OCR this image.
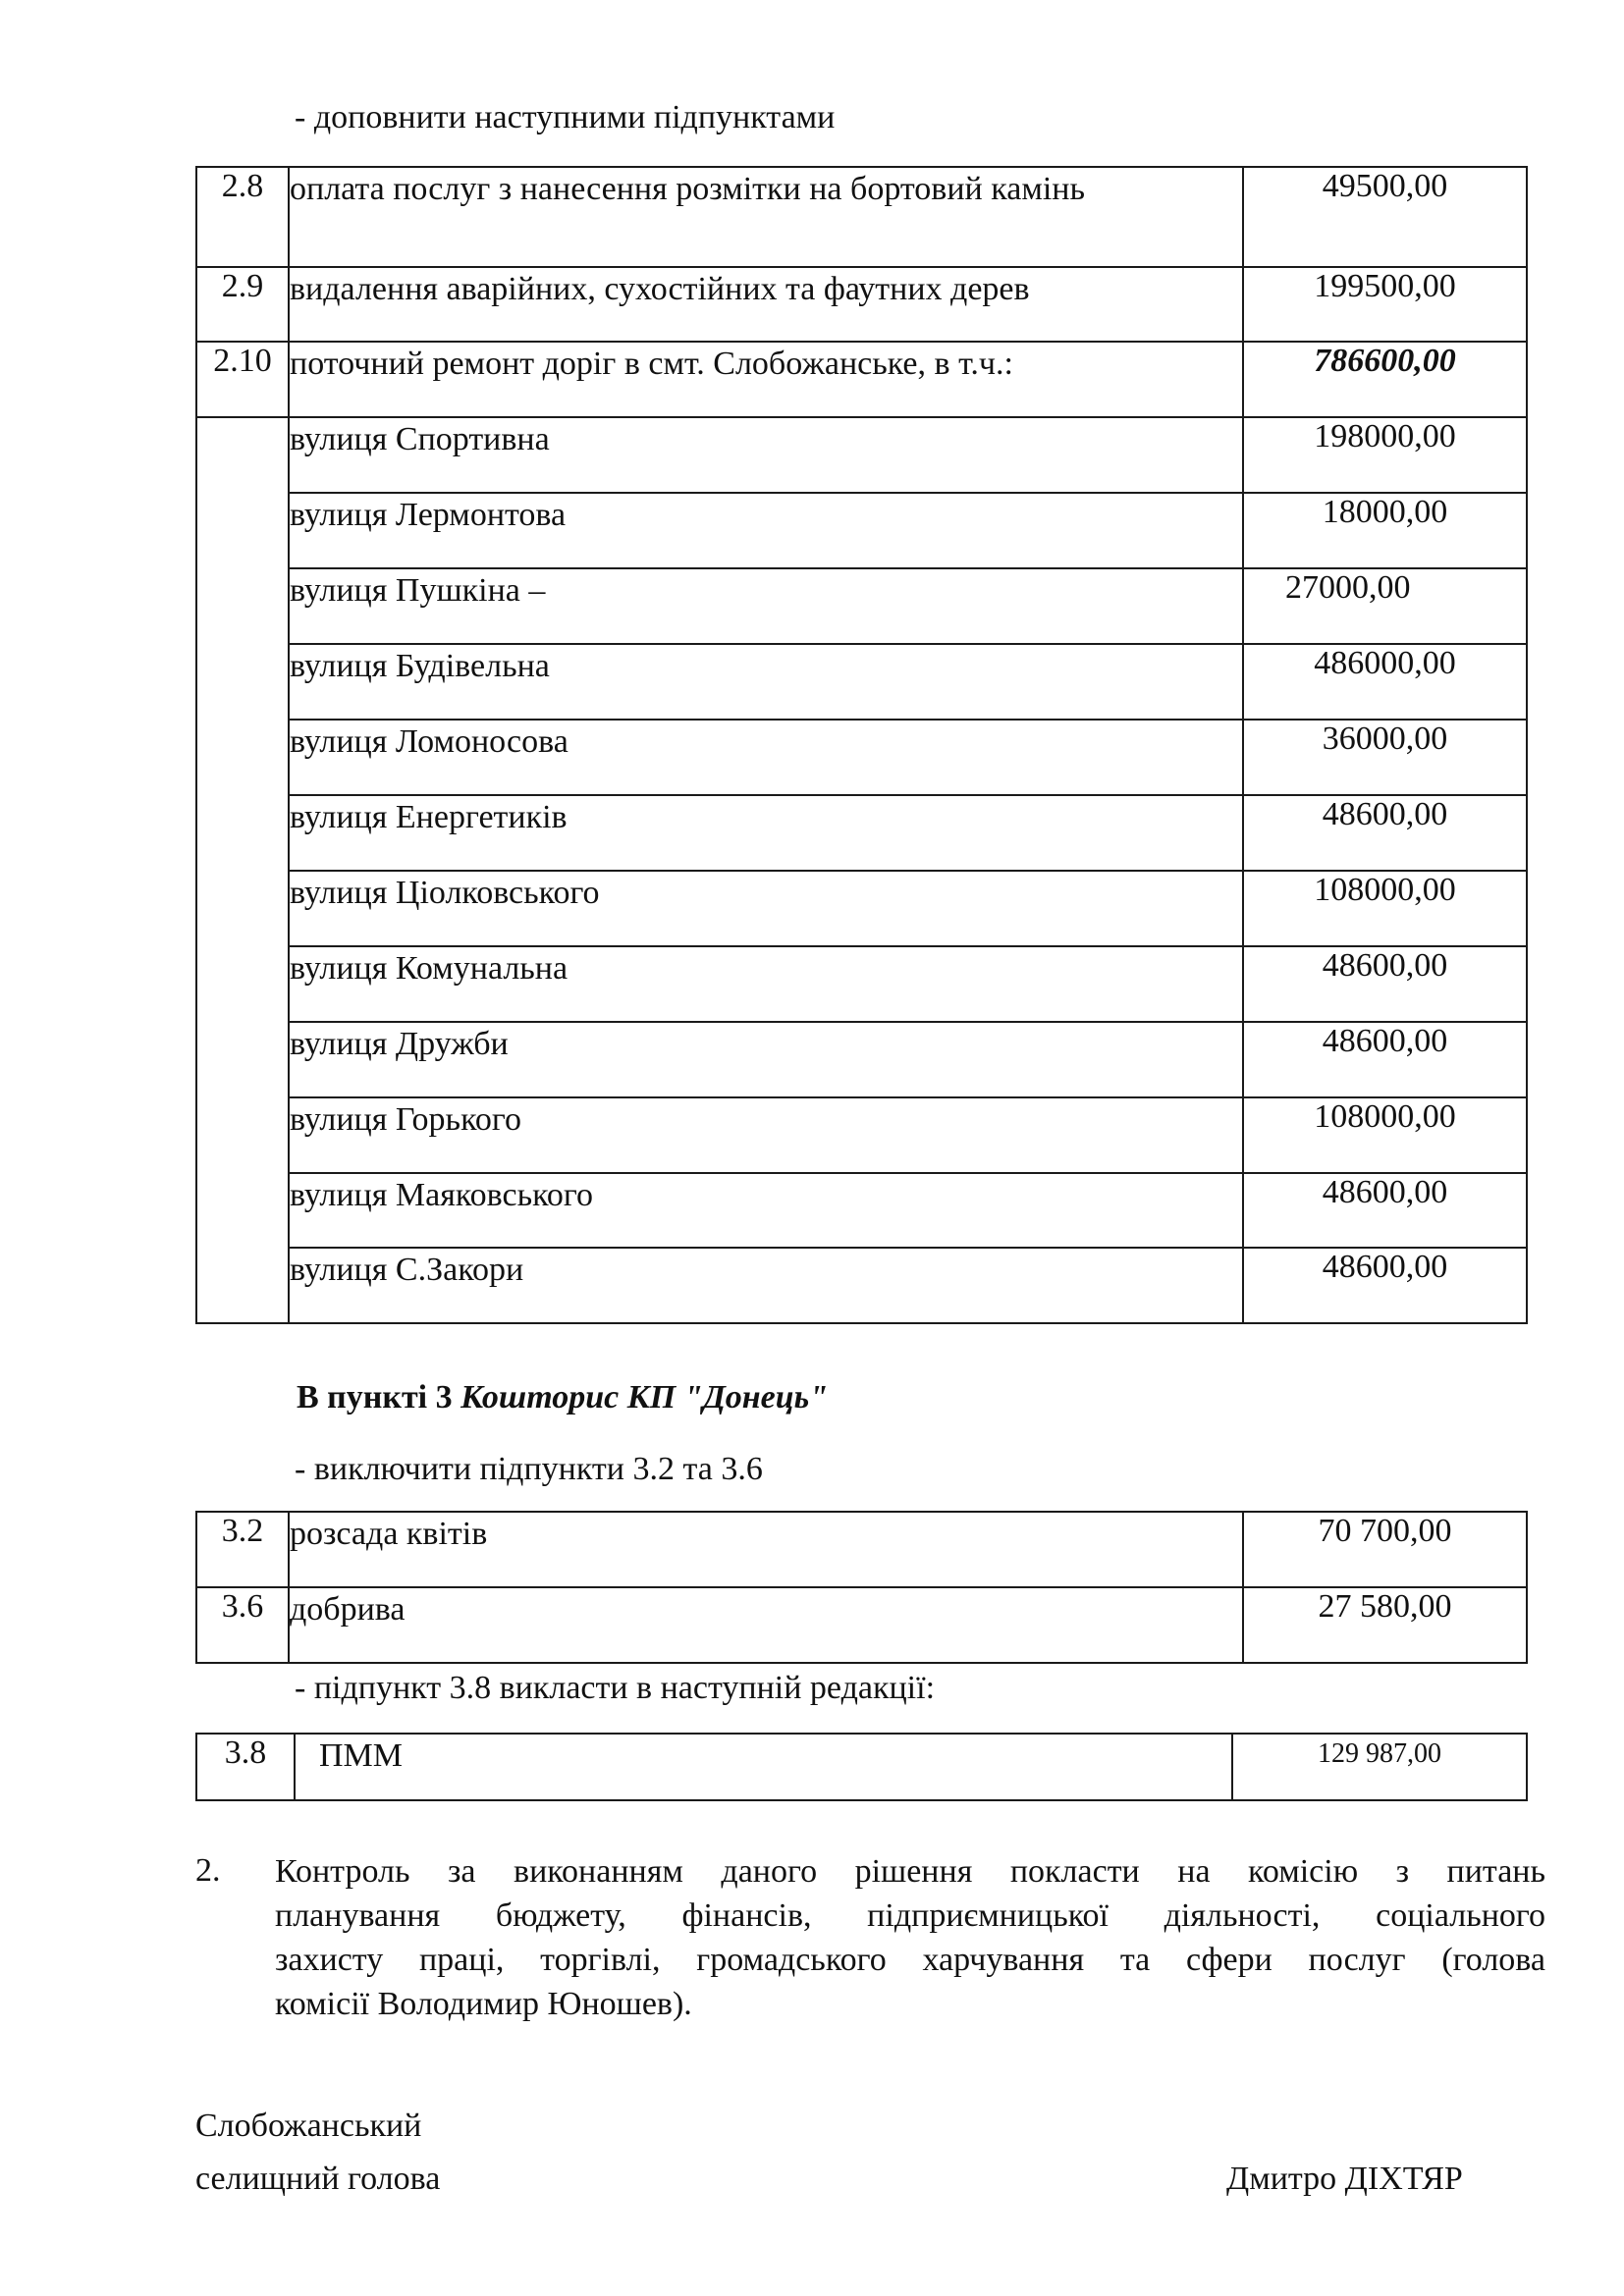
- доповнити наступними підпунктами
2.8	оплата послуг з нанесення розмітки на бортовий камінь	49500,00
2.9	видалення аварійних, сухостійних та фаутних дерев	199500,00
2.10	поточний ремонт доріг в смт. Слобожанське, в т.ч.:	786600,00
	вулиця Спортивна	198000,00
	вулиця Лермонтова	18000,00
	вулиця Пушкіна –	27000,00
	вулиця Будівельна	486000,00
	вулиця Ломоносова	36000,00
	вулиця Енергетиків	48600,00
	вулиця Ціолковського	108000,00
	вулиця Комунальна	48600,00
	вулиця Дружби	48600,00
	вулиця Горького	108000,00
	вулиця Маяковського	48600,00
	вулиця С.Закори	48600,00
В пункті 3 Кошторис КП "Донець"
- виключити підпункти 3.2 та 3.6
3.2	розсада квітів	70 700,00
3.6	добрива	27 580,00
- підпункт 3.8 викласти в наступній редакції:
3.8	ПММ	129 987,00
2. Контроль за виконанням даного рішення покласти на комісію з питань
планування бюджету, фінансів, підприємницької діяльності, соціального
захисту праці, торгівлі, громадського харчування та сфери послуг (голова
комісії Володимир Юношев).
Слобожанський
селищний голова	Дмитро ДІХТЯР
